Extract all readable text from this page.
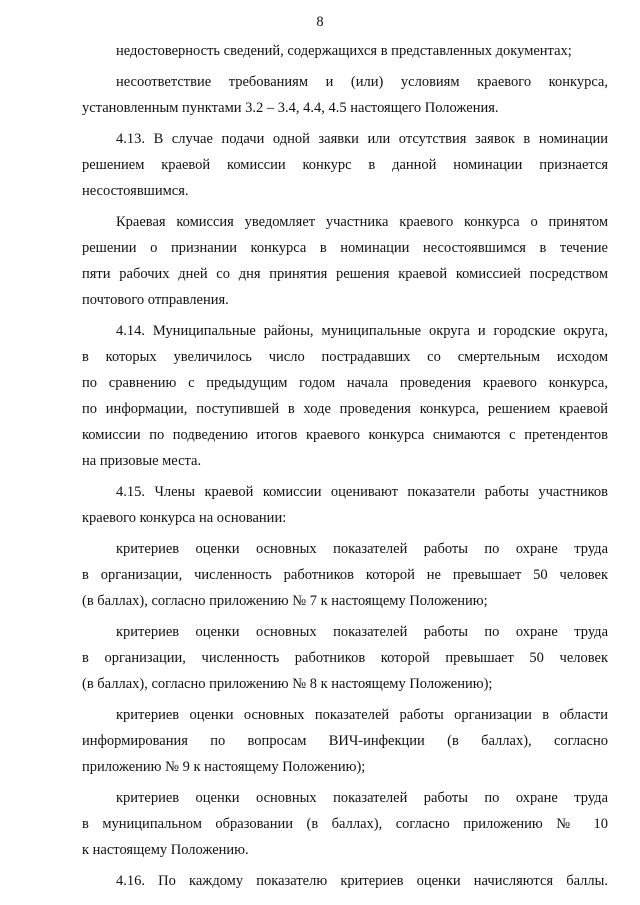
8

недостоверность сведений, содержащихся в представленных документах;

несоответствие требованиям и (или) условиям краевого конкурса,
установленным пунктами 3.2 – 3.4, 4.4, 4.5 настоящего Положения.

4.13. В случае подачи одной заявки или отсутствия заявок в номинации
решением краевой комиссии конкурс в данной номинации признается
несостоявшимся.

Краевая комиссия уведомляет участника краевого конкурса о принятом
решении о признании конкурса в номинации несостоявшимся в течение
пяти рабочих дней со дня принятия решения краевой комиссией посредством
почтового отправления.

4.14. Муниципальные районы, муниципальные округа и городские округа,
в которых увеличилось число пострадавших со смертельным исходом
по сравнению с предыдущим годом начала проведения краевого конкурса,
по информации, поступившей в ходе проведения конкурса, решением краевой
комиссии по подведению итогов краевого конкурса снимаются с претендентов
на призовые места.

4.15. Члены краевой комиссии оценивают показатели работы участников
краевого конкурса на основании:

критериев оценки основных показателей работы по охране труда
в организации, численность работников которой не превышает 50 человек
(в баллах), согласно приложению № 7 к настоящему Положению;

критериев оценки основных показателей работы по охране труда
в организации, численность работников которой превышает 50 человек
(в баллах), согласно приложению № 8 к настоящему Положению);

критериев оценки основных показателей работы организации в области
информирования по вопросам ВИЧ-инфекции (в баллах), согласно
приложению № 9 к настоящему Положению);

критериев оценки основных показателей работы по охране труда
в муниципальном образовании (в баллах), согласно приложению № 10
к настоящему Положению.

4.16. По каждому показателю критериев оценки начисляются баллы.
